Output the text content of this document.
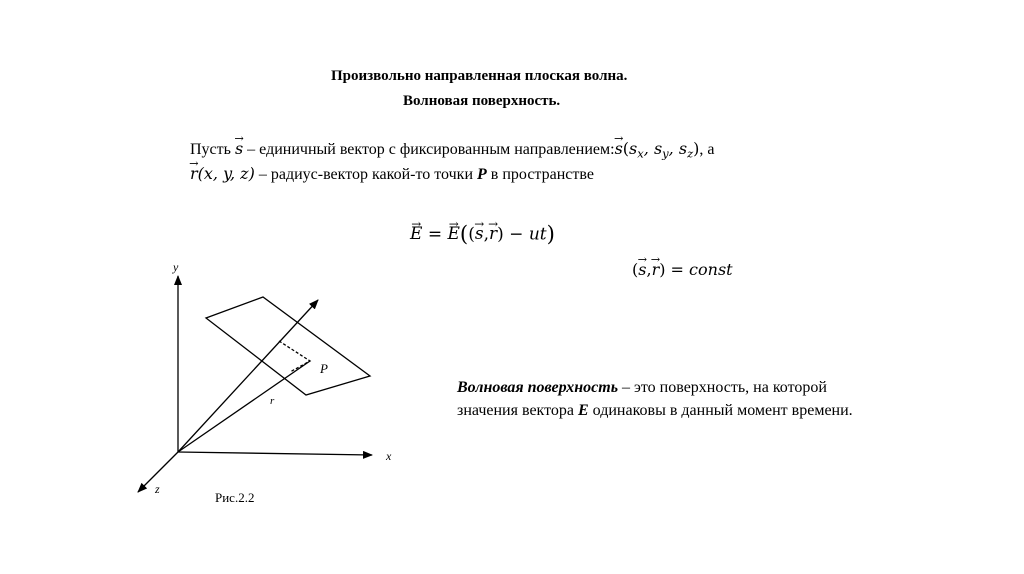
Произвольно направленная плоская волна.
Волновая поверхность.
Пусть → s – единичный вектор с фиксированным направлением:→ $s(s_x$, $s_y$, $s_z$), а
→ r(x, y, z) – радиус-вектор какой-то точки P в пространстве
→ E = → E((→ s,→ r) − ut)
(→ s,→ r) = const
Волновая поверхность – это поверхность, на которой
значения вектора E одинаковы в данный момент времени.
y
x
z
P
r
Рис.2.2
